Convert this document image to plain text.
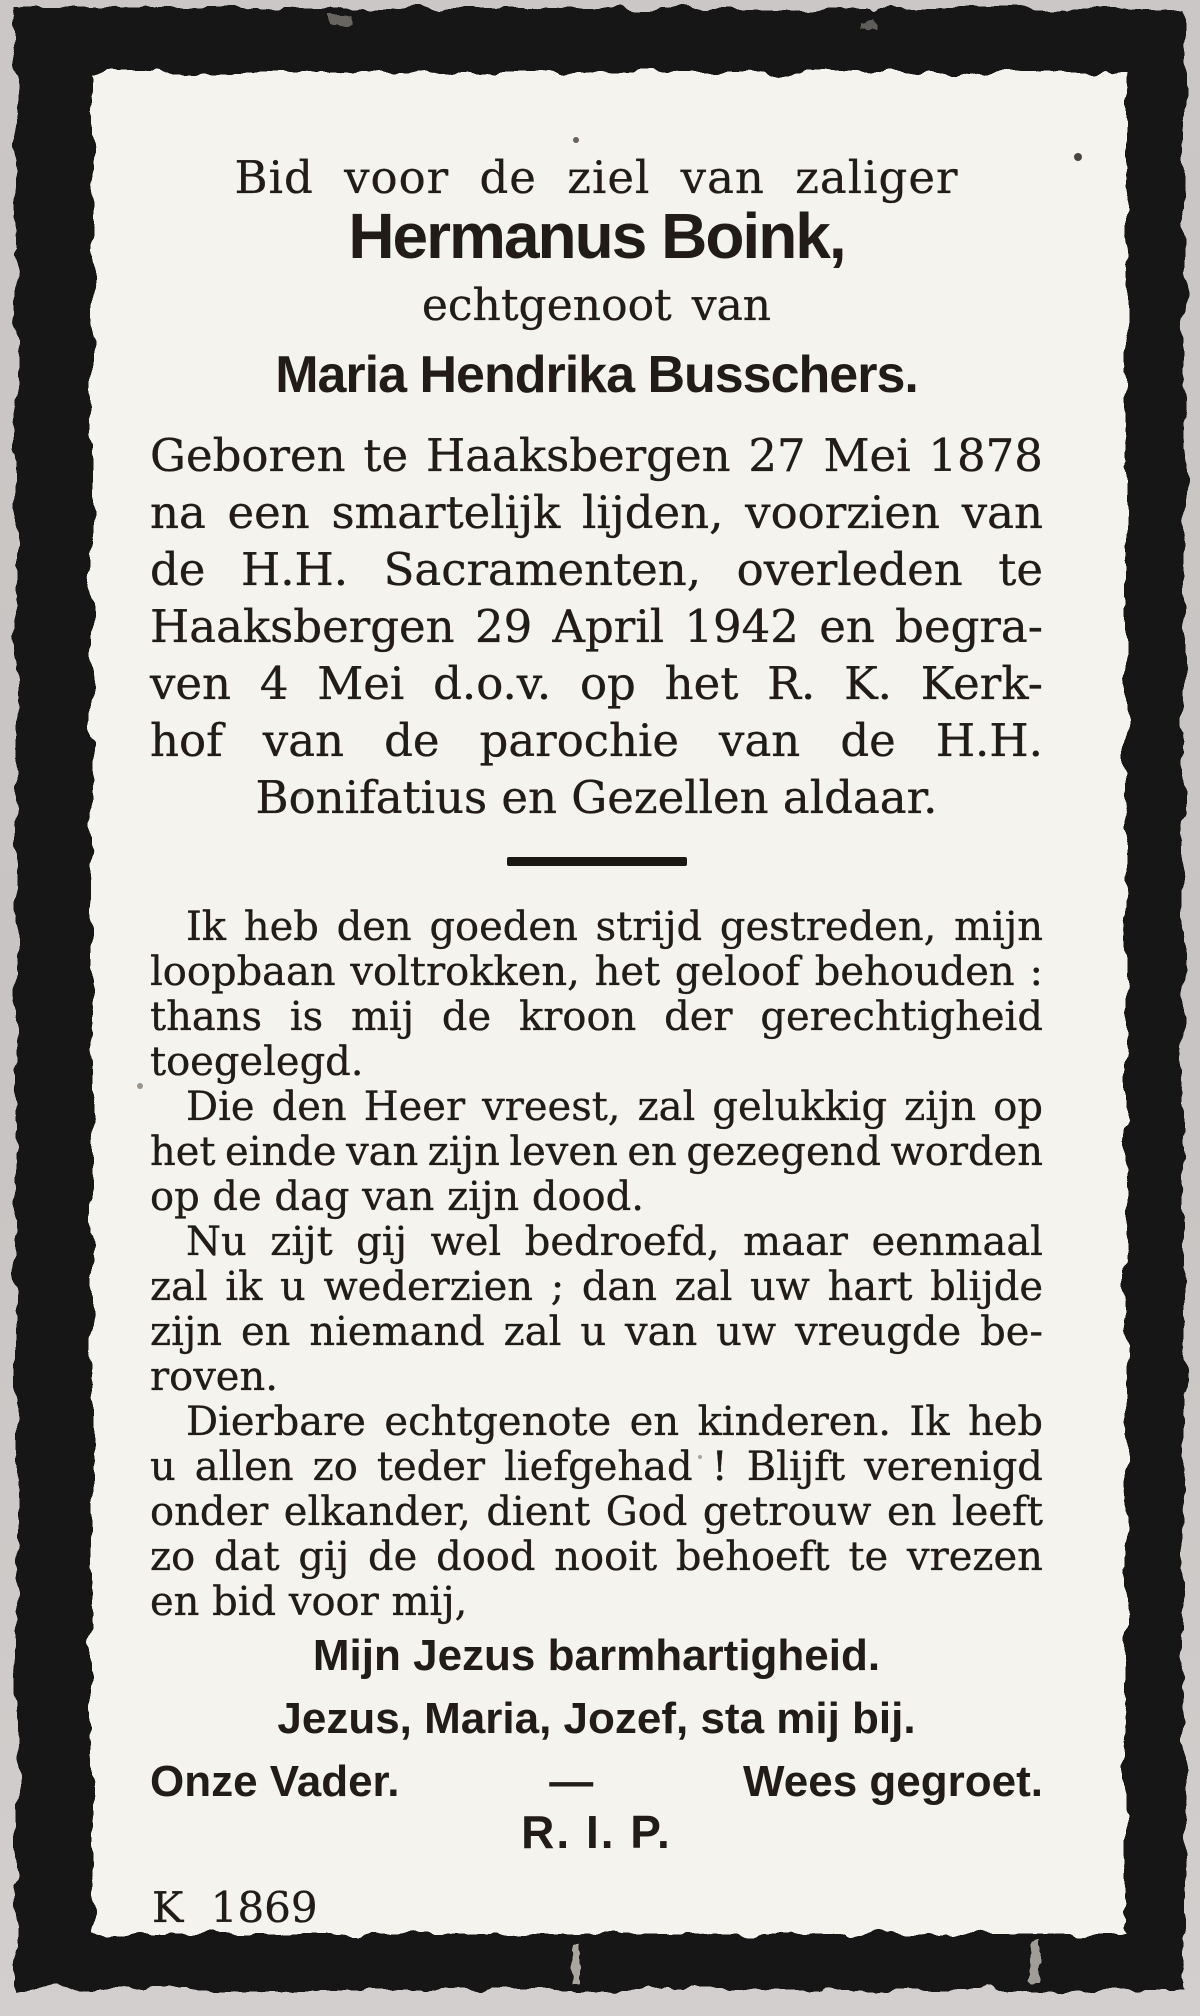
Bid voor de ziel van zaliger
Hermanus Boink,
echtgenoot van
Maria Hendrika Busschers.
Geboren te Haaksbergen 27 Mei 1878
na een smartelijk lijden, voorzien van
de H.H. Sacramenten, overleden te
Haaksbergen 29 April 1942 en begra-
ven 4 Mei d.o.v. op het R. K. Kerk-
hof van de parochie van de H.H.
Bonifatius en Gezellen aldaar.
Ik heb den goeden strijd gestreden, mijn
loopbaan voltrokken, het geloof behouden :
thans is mij de kroon der gerechtigheid
toegelegd.
Die den Heer vreest, zal gelukkig zijn op
het einde van zijn leven en gezegend worden
op de dag van zijn dood.
Nu zijt gij wel bedroefd, maar eenmaal
zal ik u wederzien ; dan zal uw hart blijde
zijn en niemand zal u van uw vreugde be-
roven.
Dierbare echtgenote en kinderen. Ik heb
u allen zo teder liefgehad ! Blijft verenigd
onder elkander, dient God getrouw en leeft
zo dat gij de dood nooit behoeft te vrezen
en bid voor mij,
Mijn Jezus barmhartigheid.
Jezus, Maria, Jozef, sta mij bij.
Onze Vader.	—	Wees gegroet.
R. I. P.
K 1869
